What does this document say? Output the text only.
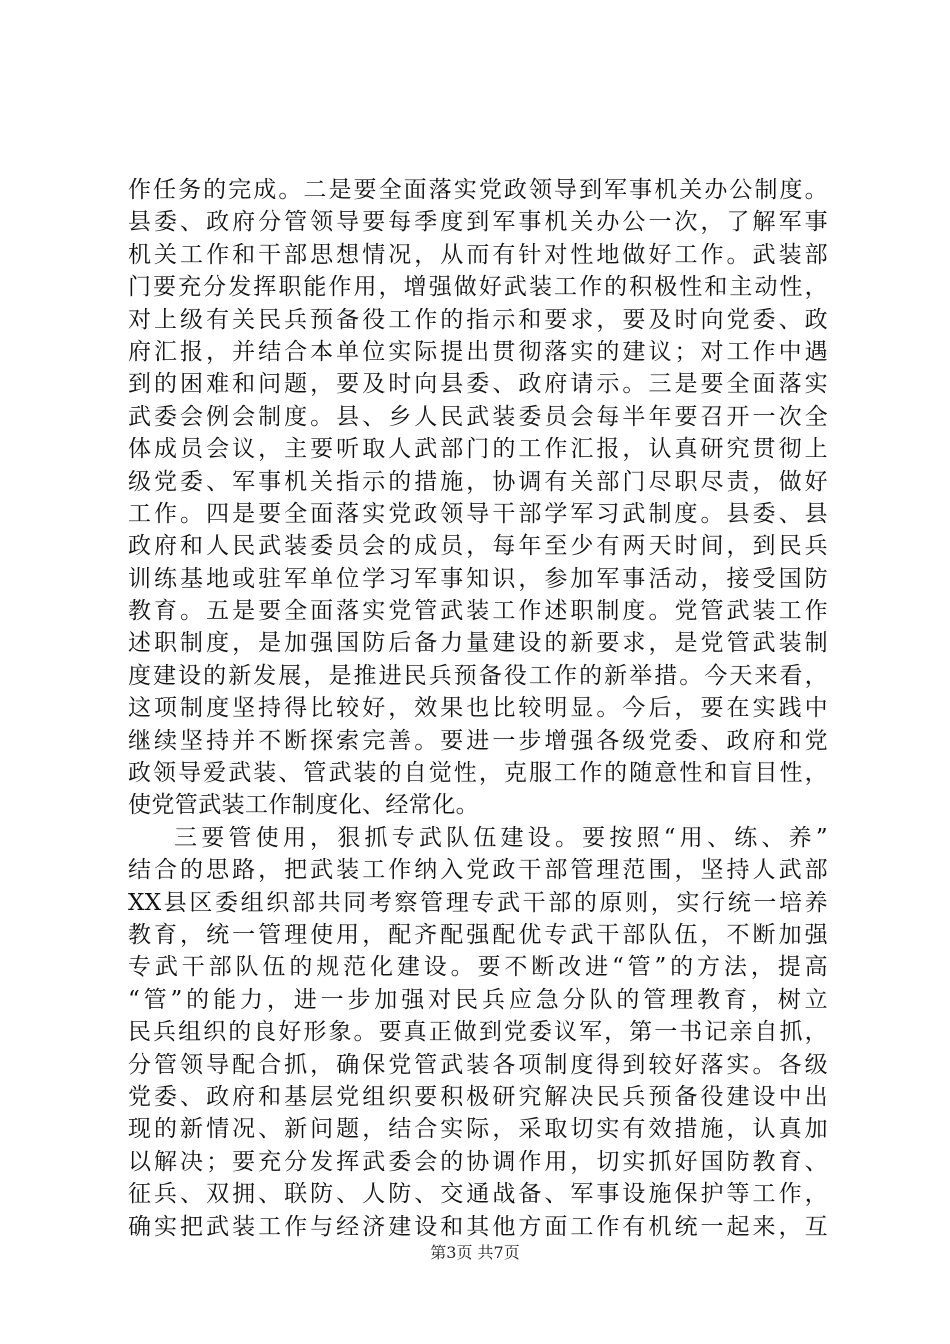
作任务的完成。二是要全面落实党政领导到军事机关办公制度。
县委、政府分管领导要每季度到军事机关办公一次，了解军事
机关工作和干部思想情况，从而有针对性地做好工作。武装部
门要充分发挥职能作用，增强做好武装工作的积极性和主动性，
对上级有关民兵预备役工作的指示和要求，要及时向党委、政
府汇报，并结合本单位实际提出贯彻落实的建议；对工作中遇
到的困难和问题，要及时向县委、政府请示。三是要全面落实
武委会例会制度。县、乡人民武装委员会每半年要召开一次全
体成员会议，主要听取人武部门的工作汇报，认真研究贯彻上
级党委、军事机关指示的措施，协调有关部门尽职尽责，做好
工作。四是要全面落实党政领导干部学军习武制度。县委、县
政府和人民武装委员会的成员，每年至少有两天时间，到民兵
训练基地或驻军单位学习军事知识，参加军事活动，接受国防
教育。五是要全面落实党管武装工作述职制度。党管武装工作
述职制度，是加强国防后备力量建设的新要求，是党管武装制
度建设的新发展，是推进民兵预备役工作的新举措。今天来看，
这项制度坚持得比较好，效果也比较明显。今后，要在实践中
继续坚持并不断探索完善。要进一步增强各级党委、政府和党
政领导爱武装、管武装的自觉性，克服工作的随意性和盲目性，
使党管武装工作制度化、经常化。
三要管使用，狠抓专武队伍建设。要按照“用、练、养”
结合的思路，把武装工作纳入党政干部管理范围，坚持人武部
XX县区委组织部共同考察管理专武干部的原则，实行统一培养
教育，统一管理使用，配齐配强配优专武干部队伍，不断加强
专武干部队伍的规范化建设。要不断改进“管”的方法，提高
“管”的能力，进一步加强对民兵应急分队的管理教育，树立
民兵组织的良好形象。要真正做到党委议军，第一书记亲自抓，
分管领导配合抓，确保党管武装各项制度得到较好落实。各级
党委、政府和基层党组织要积极研究解决民兵预备役建设中出
现的新情况、新问题，结合实际，采取切实有效措施，认真加
以解决；要充分发挥武委会的协调作用，切实抓好国防教育、
征兵、双拥、联防、人防、交通战备、军事设施保护等工作，
确实把武装工作与经济建设和其他方面工作有机统一起来，互
第3页 共7页
